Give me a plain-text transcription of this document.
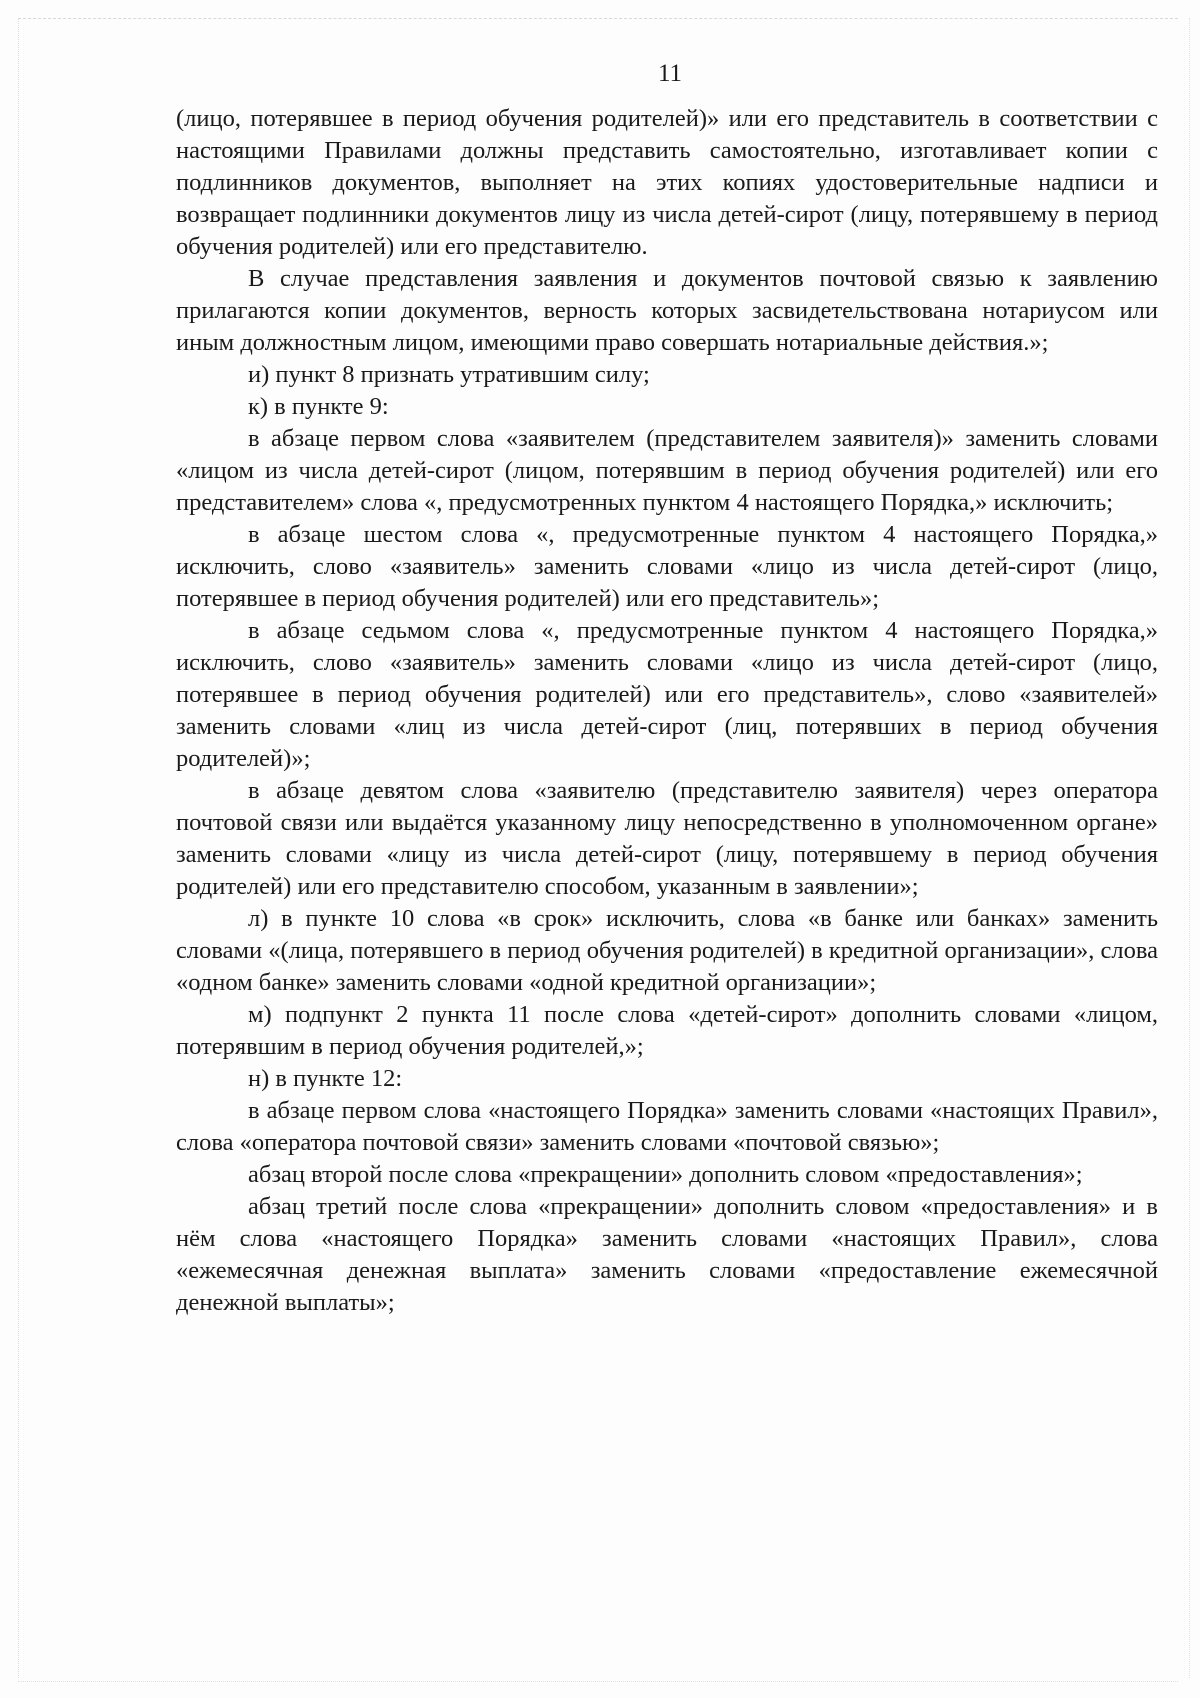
11

(лицо, потерявшее в период обучения родителей)» или его представитель в соответствии с настоящими Правилами должны представить самостоятельно, изготавливает копии с подлинников документов, выполняет на этих копиях удостоверительные надписи и возвращает подлинники документов лицу из числа детей-сирот (лицу, потерявшему в период обучения родителей) или его представителю.

В случае представления заявления и документов почтовой связью к заявлению прилагаются копии документов, верность которых засвидетельствована нотариусом или иным должностным лицом, имеющими право совершать нотариальные действия.»;

и) пункт 8 признать утратившим силу;

к) в пункте 9:

в абзаце первом слова «заявителем (представителем заявителя)» заменить словами «лицом из числа детей-сирот (лицом, потерявшим в период обучения родителей) или его представителем» слова «, предусмотренных пунктом 4 настоящего Порядка,» исключить;

в абзаце шестом слова «, предусмотренные пунктом 4 настоящего Порядка,» исключить, слово «заявитель» заменить словами «лицо из числа детей-сирот (лицо, потерявшее в период обучения родителей) или его представитель»;

в абзаце седьмом слова «, предусмотренные пунктом 4 настоящего Порядка,» исключить, слово «заявитель» заменить словами «лицо из числа детей-сирот (лицо, потерявшее в период обучения родителей) или его представитель», слово «заявителей» заменить словами «лиц из числа детей-сирот (лиц, потерявших в период обучения родителей)»;

в абзаце девятом слова «заявителю (представителю заявителя) через оператора почтовой связи или выдаётся указанному лицу непосредственно в уполномоченном органе» заменить словами «лицу из числа детей-сирот (лицу, потерявшему в период обучения родителей) или его представителю способом, указанным в заявлении»;

л) в пункте 10 слова «в срок» исключить, слова «в банке или банках» заменить словами «(лица, потерявшего в период обучения родителей) в кредитной организации», слова «одном банке» заменить словами «одной кредитной организации»;

м) подпункт 2 пункта 11 после слова «детей-сирот» дополнить словами «лицом, потерявшим в период обучения родителей,»;

н) в пункте 12:

в абзаце первом слова «настоящего Порядка» заменить словами «настоящих Правил», слова «оператора почтовой связи» заменить словами «почтовой связью»;

абзац второй после слова «прекращении» дополнить словом «предоставления»;

абзац третий после слова «прекращении» дополнить словом «предоставления» и в нём слова «настоящего Порядка» заменить словами «настоящих Правил», слова «ежемесячная денежная выплата» заменить словами «предоставление ежемесячной денежной выплаты»;
